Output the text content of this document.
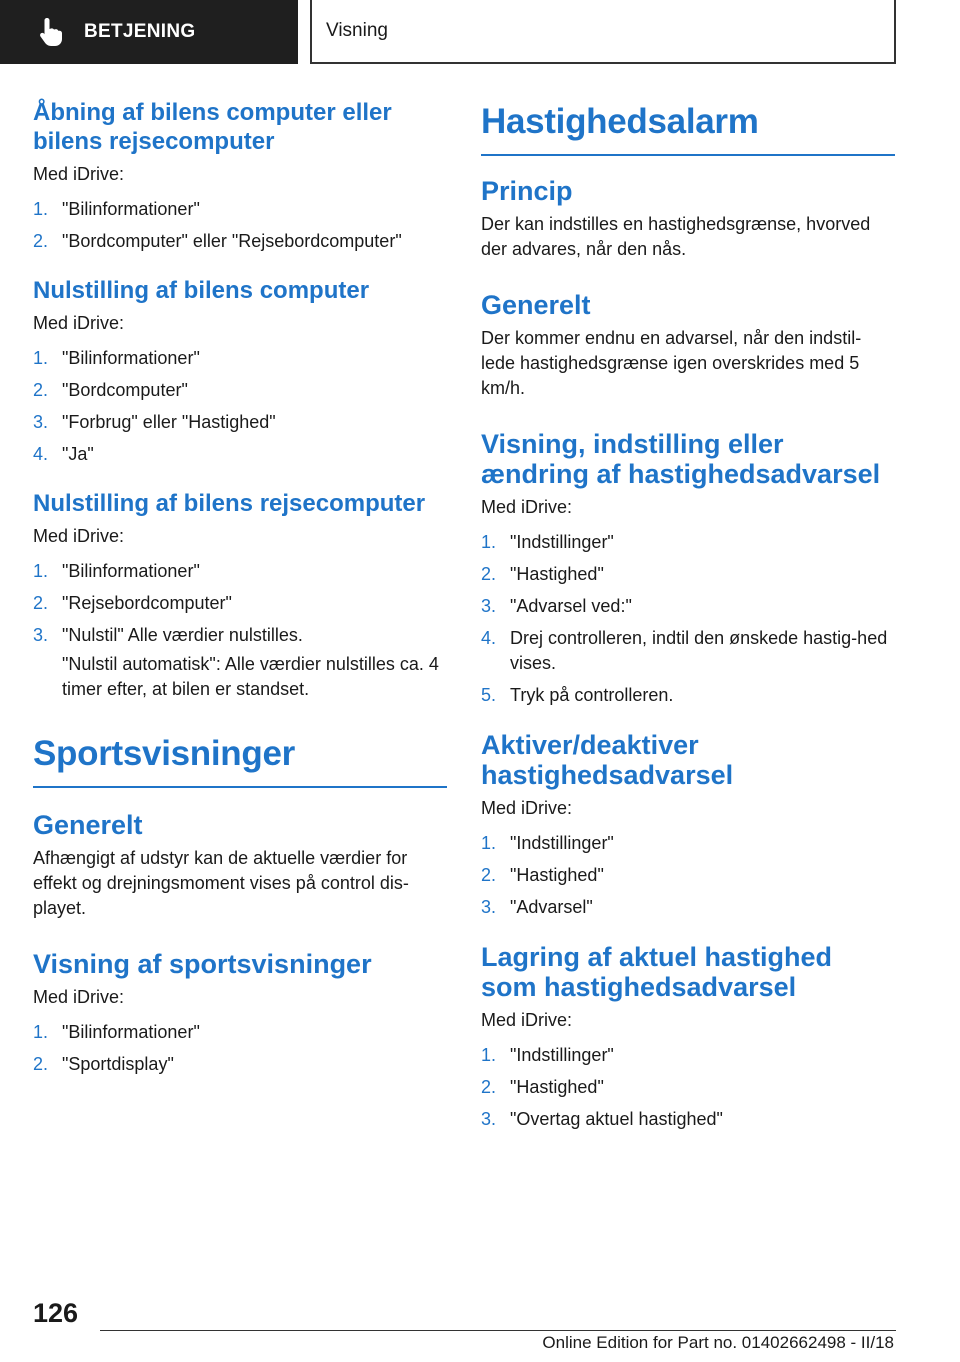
BETJENING	Visning
Åbning af bilens computer eller bilens rejsecomputer

Med iDrive:

1. "Bilinformationer"
2. "Bordcomputer" eller "Rejsebordcomputer"
Nulstilling af bilens computer

Med iDrive:

1. "Bilinformationer"
2. "Bordcomputer"
3. "Forbrug" eller "Hastighed"
4. "Ja"
Nulstilling af bilens rejsecomputer

Med iDrive:

1. "Bilinformationer"
2. "Rejsebordcomputer"
3. "Nulstil" Alle værdier nulstilles.

"Nulstil automatisk": Alle værdier nulstilles ca. 4 timer efter, at bilen er standset.

Sportsvisninger
Generelt

Afhængigt af udstyr kan de aktuelle værdier for effekt og drejningsmoment vises på control dis-playet.

Visning af sportsvisninger

Med iDrive:

1. "Bilinformationer"
2. "Sportdisplay"
Hastighedsalarm
Princip

Der kan indstilles en hastighedsgrænse, hvorved der advares, når den nås.

Generelt

Der kommer endnu en advarsel, når den indstil-lede hastighedsgrænse igen overskrides med 5 km/h.

Visning, indstilling eller ændring af hastighedsadvarsel

Med iDrive:

1. "Indstillinger"
2. "Hastighed"
3. "Advarsel ved:"
4. Drej controlleren, indtil den ønskede hastig-hed vises.
5. Tryk på controlleren.
Aktiver/deaktiver hastighedsadvarsel

Med iDrive:

1. "Indstillinger"
2. "Hastighed"
3. "Advarsel"
Lagring af aktuel hastighed som hastighedsadvarsel

Med iDrive:

1. "Indstillinger"
2. "Hastighed"
3. "Overtag aktuel hastighed"
126
Online Edition for Part no. 01402662498 - II/18
